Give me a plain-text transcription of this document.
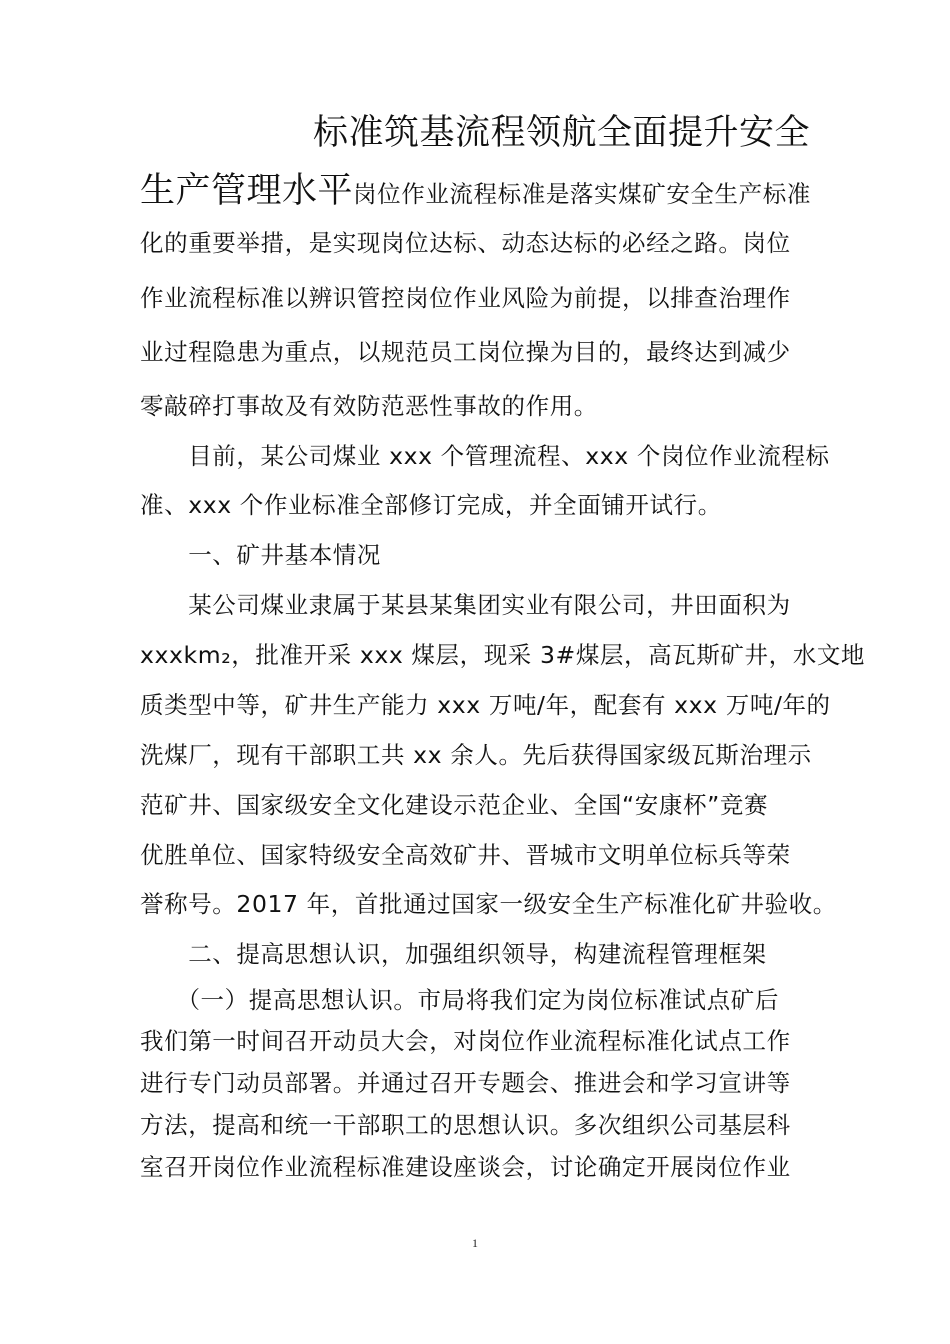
标准筑基流程领航全面提升安全
生产管理水平岗位作业流程标准是落实煤矿安全生产标准
化的重要举措，是实现岗位达标、动态达标的必经之路。岗位
作业流程标准以辨识管控岗位作业风险为前提，以排查治理作
业过程隐患为重点，以规范员工岗位操为目的，最终达到减少
零敲碎打事故及有效防范恶性事故的作用。
　　目前，某公司煤业 xxx 个管理流程、xxx 个岗位作业流程标
准、xxx 个作业标准全部修订完成，并全面铺开试行。
　　一、矿井基本情况
　　某公司煤业隶属于某县某集团实业有限公司，井田面积为
xxxkm₂，批准开采 xxx 煤层，现采 3#煤层，高瓦斯矿井，水文地
质类型中等，矿井生产能力 xxx 万吨/年，配套有 xxx 万吨/年的
洗煤厂，现有干部职工共 xx 余人。先后获得国家级瓦斯治理示
范矿井、国家级安全文化建设示范企业、全国“安康杯”竞赛
优胜单位、国家特级安全高效矿井、晋城市文明单位标兵等荣
誉称号。2017 年，首批通过国家一级安全生产标准化矿井验收。
　　二、提高思想认识，加强组织领导，构建流程管理框架
　　（一）提高思想认识。市局将我们定为岗位标准试点矿后
我们第一时间召开动员大会，对岗位作业流程标准化试点工作
进行专门动员部署。并通过召开专题会、推进会和学习宣讲等
方法，提高和统一干部职工的思想认识。多次组织公司基层科
室召开岗位作业流程标准建设座谈会，讨论确定开展岗位作业
1
